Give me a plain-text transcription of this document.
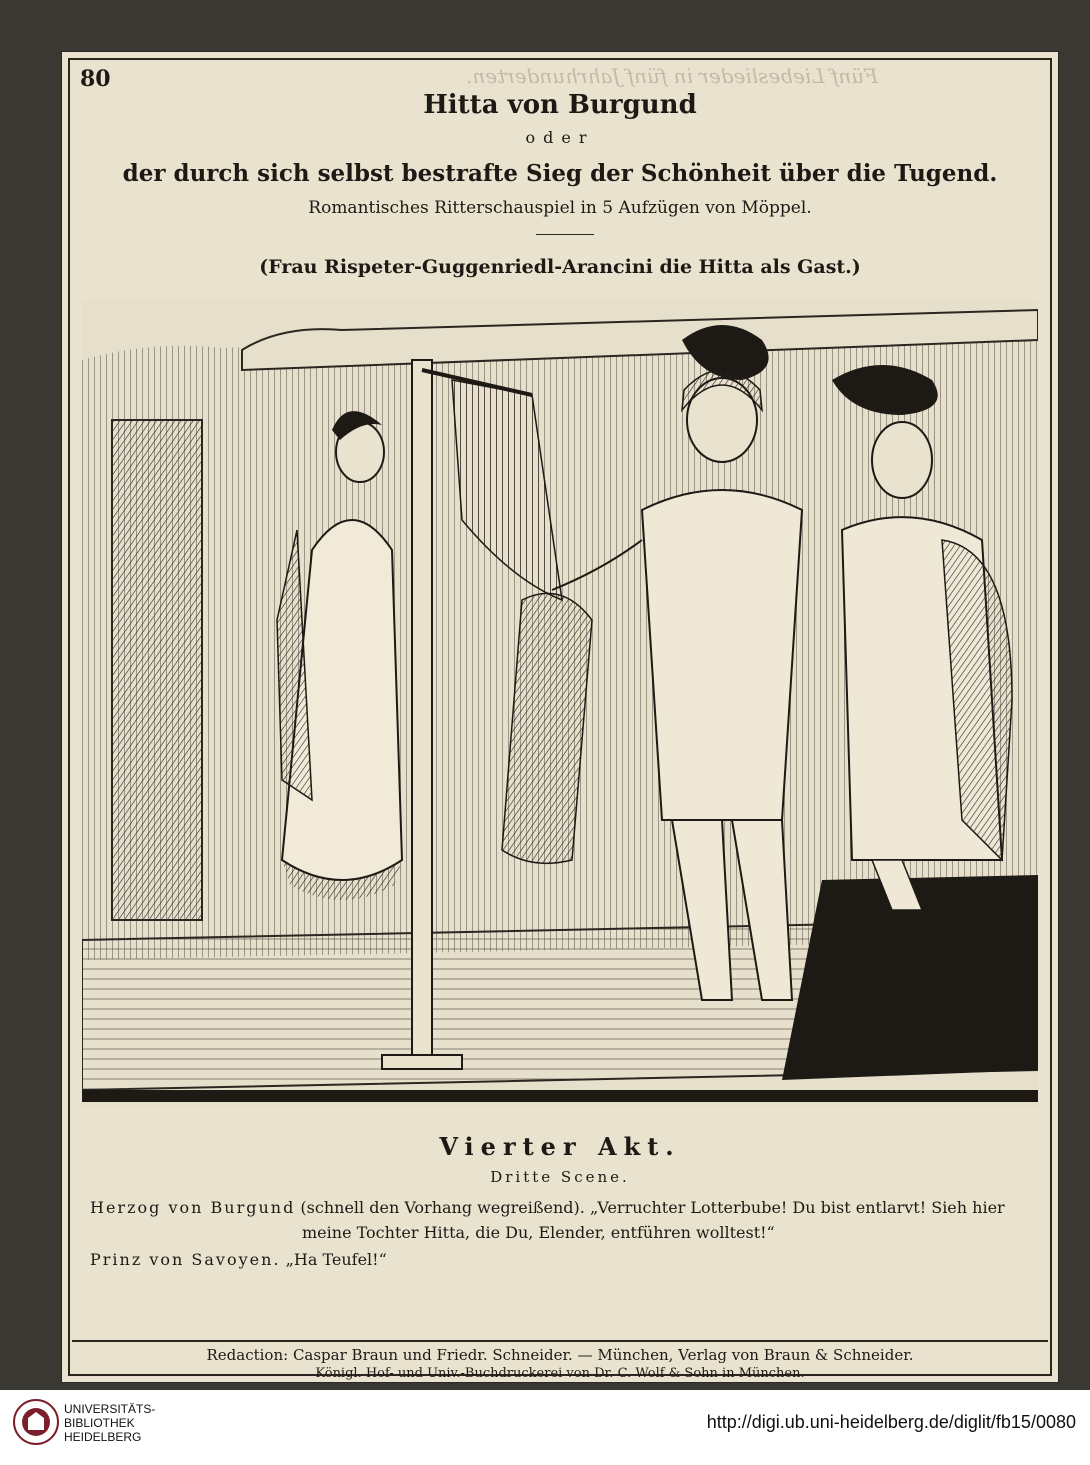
80	Fünf Liebeslieder in fünf Jahrhunderten.
Hitta von Burgund
oder
der durch sich selbst bestrafte Sieg der Schönheit über die Tugend.
Romantisches Ritterschauspiel in 5 Aufzügen von Möppel.
(Frau Rispeter-Guggenriedl-Arancini die Hitta als Gast.)
Vierter Akt.
Dritte Scene.
Herzog von Burgund (schnell den Vorhang wegreißend). „Verruchter Lotterbube! Du bist entlarvt! Sieh hier
meine Tochter Hitta, die Du, Elender, entführen wolltest!“
Prinz von Savoyen. „Ha Teufel!“
Redaction: Caspar Braun und Friedr. Schneider. — München, Verlag von Braun & Schneider.
Königl. Hof- und Univ.-Buchdruckerei von Dr. C. Wolf & Sohn in München.
UNIVERSITÄTS-
BIBLIOTHEK
HEIDELBERG
http://digi.ub.uni-heidelberg.de/diglit/fb15/0080
